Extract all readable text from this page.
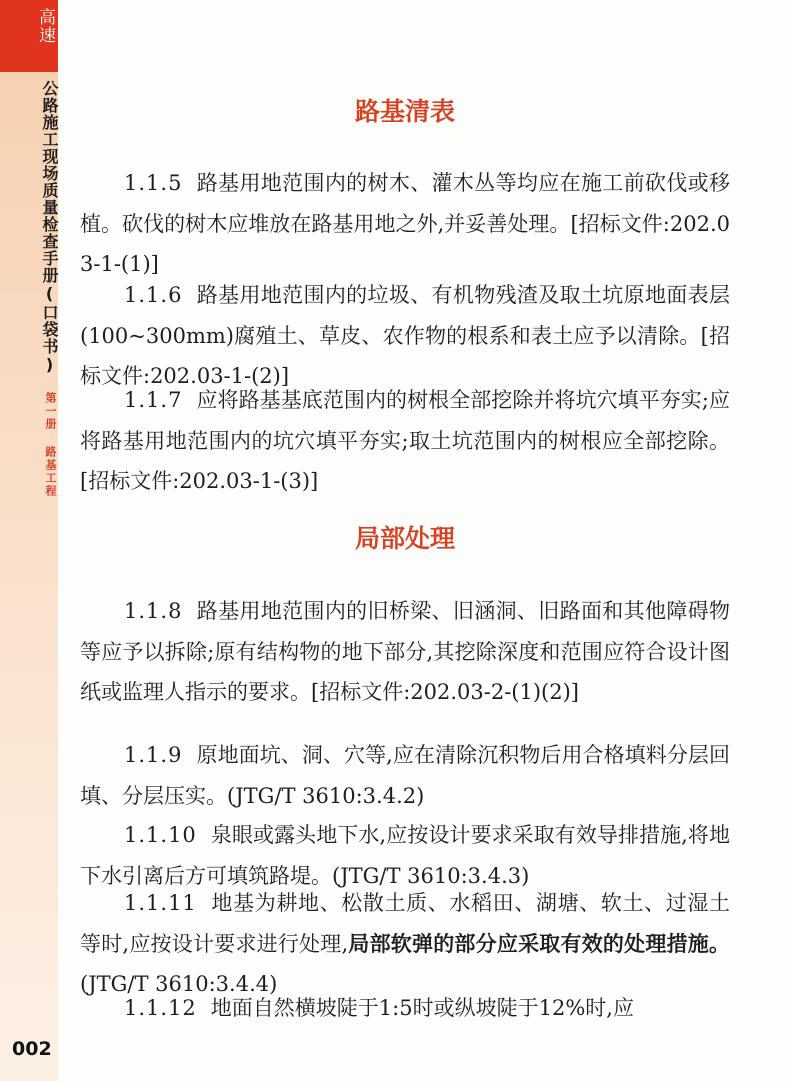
高速
公路施工现场质量检查手册(口袋书)
第一册 路基工程
002
路基清表
1.1.5 路基用地范围内的树木、灌木丛等均应在施工前砍伐或移植。砍伐的树木应堆放在路基用地之外,并妥善处理。[招标文件:202.03-1-(1)]
1.1.6 路基用地范围内的垃圾、有机物残渣及取土坑原地面表层(100~300mm)腐殖土、草皮、农作物的根系和表土应予以清除。[招标文件:202.03-1-(2)]
1.1.7 应将路基基底范围内的树根全部挖除并将坑穴填平夯实;应将路基用地范围内的坑穴填平夯实;取土坑范围内的树根应全部挖除。[招标文件:202.03-1-(3)]
局部处理
1.1.8 路基用地范围内的旧桥梁、旧涵洞、旧路面和其他障碍物等应予以拆除;原有结构物的地下部分,其挖除深度和范围应符合设计图纸或监理人指示的要求。[招标文件:202.03-2-(1)(2)]
1.1.9 原地面坑、洞、穴等,应在清除沉积物后用合格填料分层回填、分层压实。(JTG/T 3610:3.4.2)
1.1.10 泉眼或露头地下水,应按设计要求采取有效导排措施,将地下水引离后方可填筑路堤。(JTG/T 3610:3.4.3)
1.1.11 地基为耕地、松散土质、水稻田、湖塘、软土、过湿土等时,应按设计要求进行处理,局部软弹的部分应采取有效的处理措施。(JTG/T 3610:3.4.4)
1.1.12 地面自然横坡陡于1:5时或纵坡陡于12%时,应
